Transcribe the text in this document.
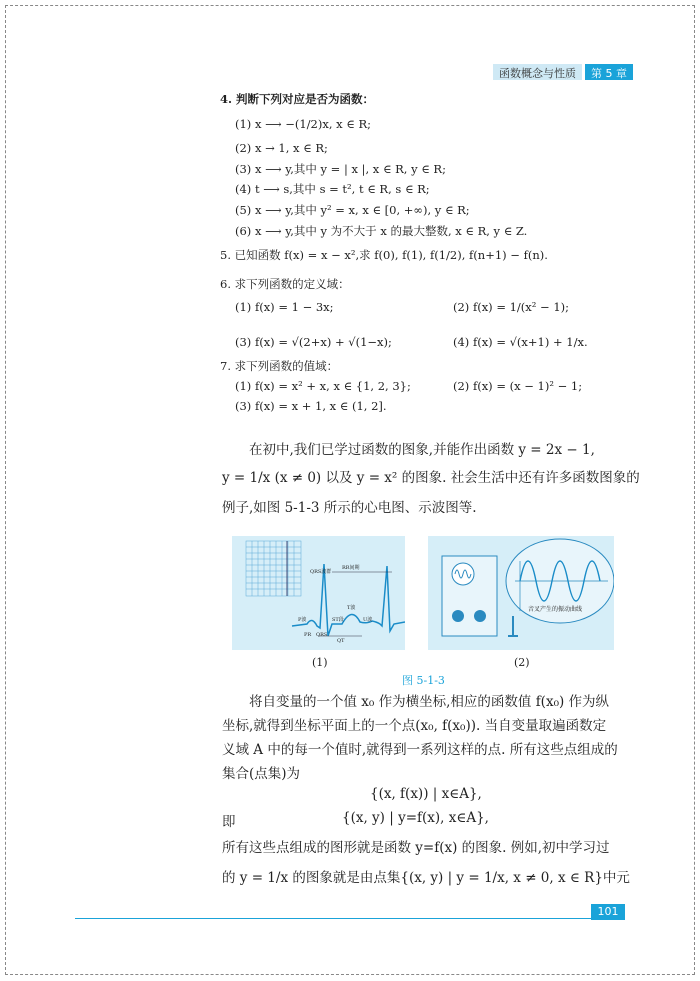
函数概念与性质	第 5 章
4. 判断下列对应是否为函数：
(1) x ⟶ −(1/2)x, x ∈ R;
(2) x → 1, x ∈ R;
(3) x ⟶ y,其中 y = | x |, x ∈ R, y ∈ R;
(4) t ⟶ s,其中 s = t², t ∈ R, s ∈ R;
(5) x ⟶ y,其中 y² = x, x ∈ [0, +∞), y ∈ R;
(6) x ⟶ y,其中 y 为不大于 x 的最大整数, x ∈ R, y ∈ Z.
5. 已知函数 f(x) = x − x²,求 f(0), f(1), f(1/2), f(n+1) − f(n).
6. 求下列函数的定义域：
(1) f(x) = 1 − 3x;	(2) f(x) = 1/(x² − 1);
(3) f(x) = √(2+x) + √(1−x);	(4) f(x) = √(x+1) + 1/x.
7. 求下列函数的值域：
(1) f(x) = x² + x, x ∈ {1, 2, 3};	(2) f(x) = (x − 1)² − 1;
(3) f(x) = x + 1, x ∈ (1, 2].
　　在初中,我们已学过函数的图象,并能作出函数 y = 2x − 1,
y = 1/x (x ≠ 0) 以及 y = x² 的图象. 社会生活中还有许多函数图象的
例子,如图 5-1-3 所示的心电图、示波图等.
QRS波群
RR间期
P波
T波
ST段	U波
PR QRS
QT
音叉产生的振动曲线
(1)	(2)
图 5-1-3
　　将自变量的一个值 x₀ 作为横坐标,相应的函数值 f(x₀) 作为纵
坐标,就得到坐标平面上的一个点(x₀, f(x₀)). 当自变量取遍函数定
义域 A 中的每一个值时,就得到一系列这样的点. 所有这些点组成的
集合(点集)为
{(x, f(x)) | x∈A},
即	{(x, y) | y=f(x), x∈A},
所有这些点组成的图形就是函数 y=f(x) 的图象. 例如,初中学习过
的 y = 1/x 的图象就是由点集{(x, y) | y = 1/x, x ≠ 0, x ∈ R}中元
101
